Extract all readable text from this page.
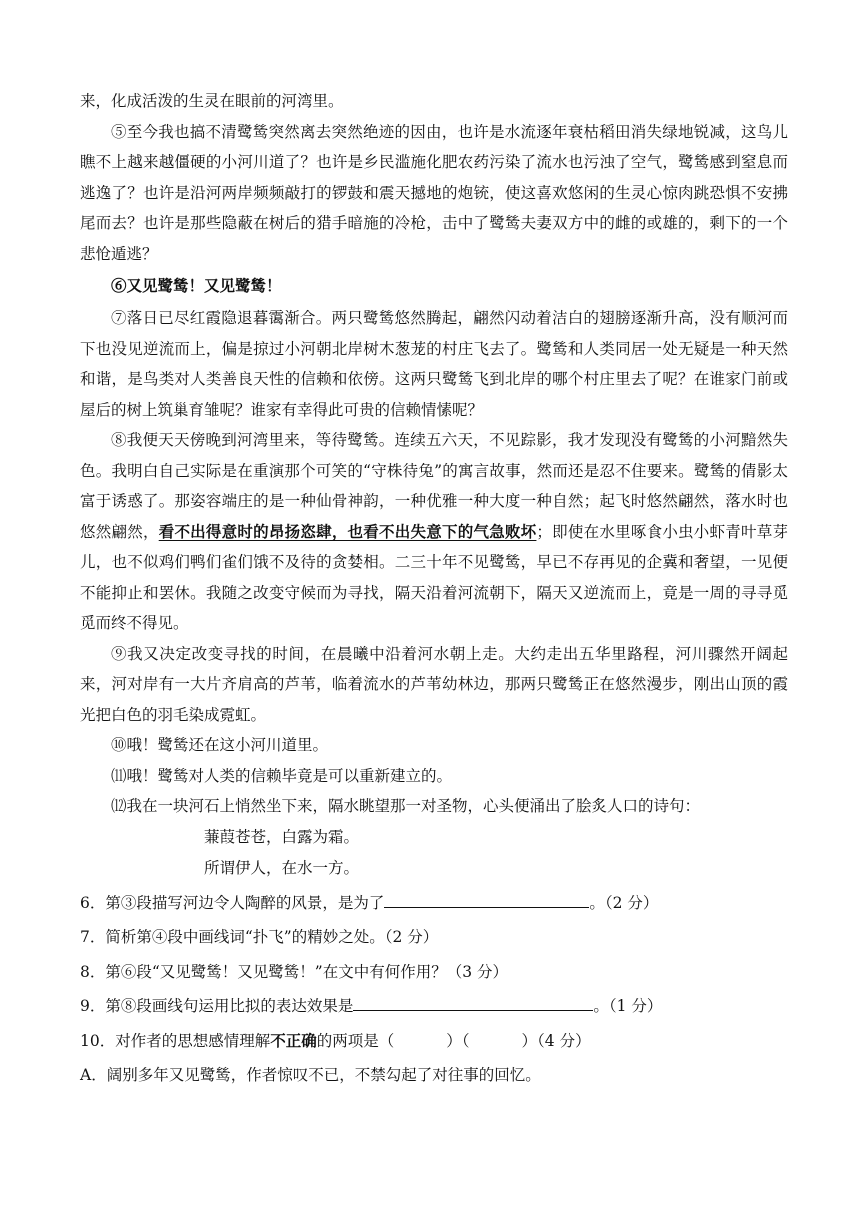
来，化成活泼的生灵在眼前的河湾里。

⑤至今我也搞不清鹭鸶突然离去突然绝迹的因由，也许是水流逐年衰枯稻田消失绿地锐减，这鸟儿瞧不上越来越僵硬的小河川道了？也许是乡民滥施化肥农药污染了流水也污浊了空气，鹭鸶感到窒息而逃逸了？也许是沿河两岸频频敲打的锣鼓和震天撼地的炮铳，使这喜欢悠闲的生灵心惊肉跳恐惧不安拂尾而去？也许是那些隐蔽在树后的猎手暗施的冷枪，击中了鹭鸶夫妻双方中的雌的或雄的，剩下的一个悲怆遁逃？

⑥又见鹭鸶！又见鹭鸶！

⑦落日已尽红霞隐退暮霭渐合。两只鹭鸶悠然腾起，翩然闪动着洁白的翅膀逐渐升高，没有顺河而下也没见逆流而上，偏是掠过小河朝北岸树木葱茏的村庄飞去了。鹭鸶和人类同居一处无疑是一种天然和谐，是鸟类对人类善良天性的信赖和依傍。这两只鹭鸶飞到北岸的哪个村庄里去了呢？在谁家门前或屋后的树上筑巢育雏呢？谁家有幸得此可贵的信赖情愫呢？

⑧我便天天傍晚到河湾里来，等待鹭鸶。连续五六天，不见踪影，我才发现没有鹭鸶的小河黯然失色。我明白自己实际是在重演那个可笑的“守株待兔”的寓言故事，然而还是忍不住要来。鹭鸶的倩影太富于诱惑了。那姿容端庄的是一种仙骨神韵，一种优雅一种大度一种自然；起飞时悠然翩然，落水时也悠然翩然，看不出得意时的昂扬恣肆，也看不出失意下的气急败坏；即使在水里啄食小虫小虾青叶草芽儿，也不似鸡们鸭们雀们饿不及待的贪婪相。二三十年不见鹭鸶，早已不存再见的企冀和奢望，一见便不能抑止和罢休。我随之改变守候而为寻找，隔天沿着河流朝下，隔天又逆流而上，竟是一周的寻寻觅觅而终不得见。

⑨我又决定改变寻找的时间，在晨曦中沿着河水朝上走。大约走出五华里路程，河川骤然开阔起来，河对岸有一大片齐肩高的芦苇，临着流水的芦苇幼林边，那两只鹭鸶正在悠然漫步，刚出山顶的霞光把白色的羽毛染成霓虹。

⑩哦！鹭鸶还在这小河川道里。

⑾哦！鹭鸶对人类的信赖毕竟是可以重新建立的。

⑿我在一块河石上悄然坐下来，隔水眺望那一对圣物，心头便涌出了脍炙人口的诗句：

蒹葭苍苍，白露为霜。

所谓伊人，在水一方。

6．第③段描写河边令人陶醉的风景，是为了	。（2 分）

7．简析第④段中画线词“扑飞”的精妙之处。（2 分）

8．第⑥段“又见鹭鸶！又见鹭鸶！”在文中有何作用？（3 分）

9．第⑧段画线句运用比拟的表达效果是	。（1 分）

10．对作者的思想感情理解不正确的两项是（	）（	）（4 分）

A．阔别多年又见鹭鸶，作者惊叹不已，不禁勾起了对往事的回忆。
